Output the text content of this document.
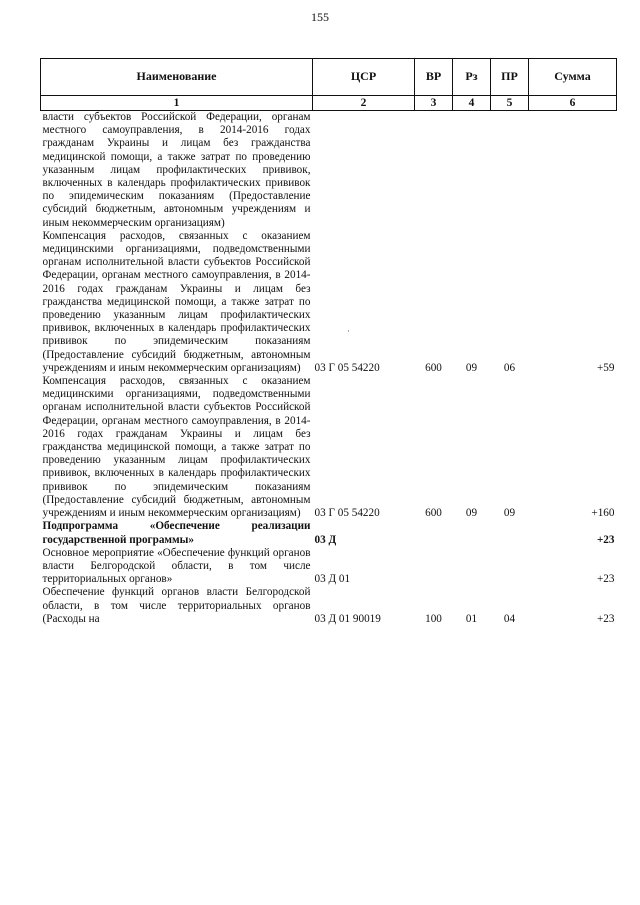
155
Наименование	ЦСР	ВР	Рз	ПР	Сумма
1	2	3	4	5	6
власти субъектов Российской Федерации, органам местного самоуправления, в 2014-2016 годах гражданам Украины и лицам без гражданства медицинской помощи, а также затрат по проведению указанным лицам профилактических прививок, включенных в календарь профилактических прививок по эпидемическим показаниям (Предоставление субсидий бюджетным, автономным учреждениям и иным некоммерческим организациям)					
Компенсация расходов, связанных с оказанием медицинскими организациями, подведомственными органам исполнительной власти субъектов Российской Федерации, органам местного самоуправления, в 2014-2016 годах гражданам Украины и лицам без гражданства медицинской помощи, а также затрат по проведению указанным лицам профилактических прививок, включенных в календарь профилактических прививок по эпидемическим показаниям (Предоставление субсидий бюджетным, автономным учреждениям и иным некоммерческим организациям)	03 Г 05 54220	600	09	06	+59
Компенсация расходов, связанных с оказанием медицинскими организациями, подведомственными органам исполнительной власти субъектов Российской Федерации, органам местного самоуправления, в 2014-2016 годах гражданам Украины и лицам без гражданства медицинской помощи, а также затрат по проведению указанным лицам профилактических прививок, включенных в календарь профилактических прививок по эпидемическим показаниям (Предоставление субсидий бюджетным, автономным учреждениям и иным некоммерческим организациям)	03 Г 05 54220	600	09	09	+160
Подпрограмма «Обеспечение реализации государственной программы»	03 Д				+23
Основное мероприятие «Обеспечение функций органов власти Белгородской области, в том числе территориальных органов»	03 Д 01				+23
Обеспечение функций органов власти Белгородской области, в том числе территориальных органов (Расходы на	03 Д 01 90019	100	01	04	+23
·
